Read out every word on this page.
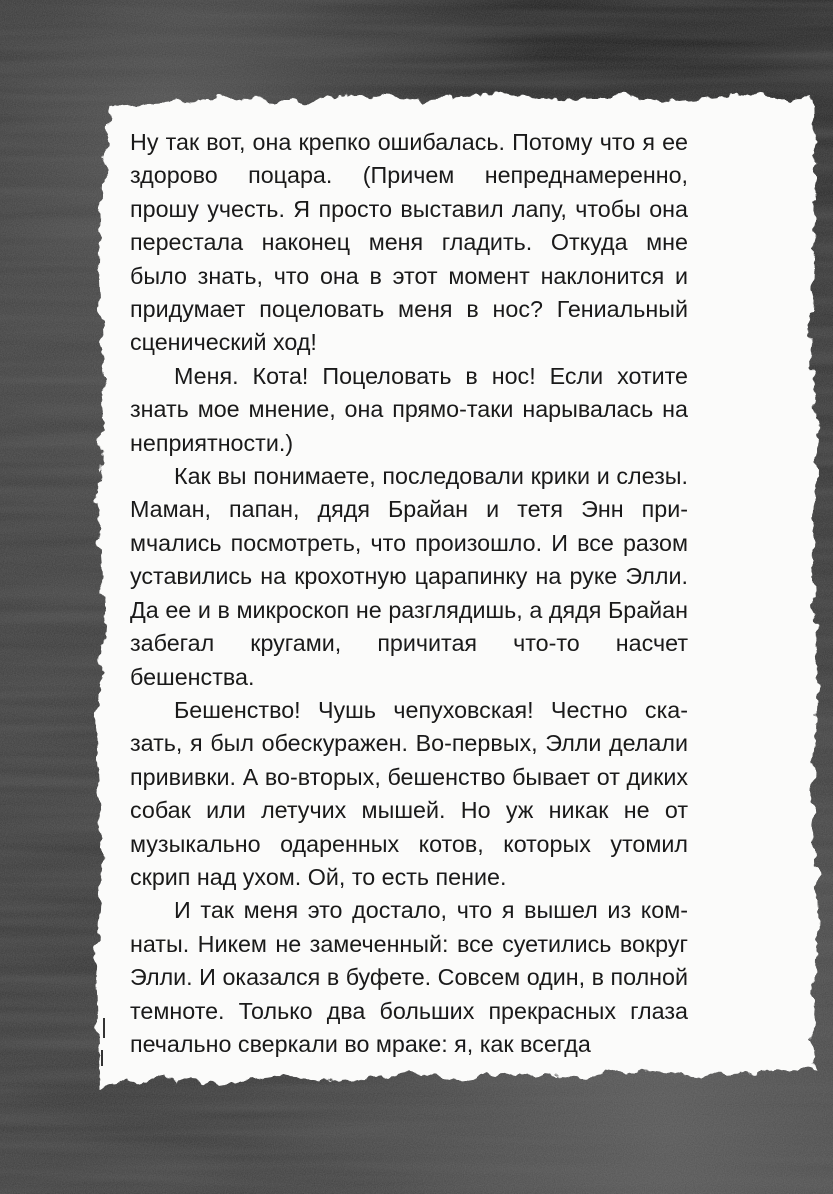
Ну так вот, она крепко ошибалась. Потому что я ее здорово поцара. (Причем непреднамеренно, прошу учесть. Я просто выставил лапу, чтобы она перестала наконец меня гладить. Откуда мне было знать, что она в этот момент наклонится и придумает поцеловать меня в нос? Гениальный сценический ход!

Меня. Кота! Поцеловать в нос! Если хотите знать мое мнение, она прямо-таки нарывалась на неприятности.)

Как вы понимаете, последовали крики и слезы. Маман, папан, дядя Брайан и тетя Энн примчались посмотреть, что произошло. И все разом уставились на крохотную царапинку на руке Элли. Да ее и в микроскоп не разглядишь, а дядя Брайан забегал кругами, причитая что-то насчет бешенства.

Бешенство! Чушь чепуховская! Честно сказать, я был обескуражен. Во-первых, Элли делали прививки. А во-вторых, бешенство бывает от диких собак или летучих мышей. Но уж никак не от музыкально одаренных котов, которых утомил скрип над ухом. Ой, то есть пение.

И так меня это достало, что я вышел из комнаты. Никем не замеченный: все суетились вокруг Элли. И оказался в буфете. Совсем один, в полной темноте. Только два больших прекрасных глаза печально сверкали во мраке: я, как всегда
